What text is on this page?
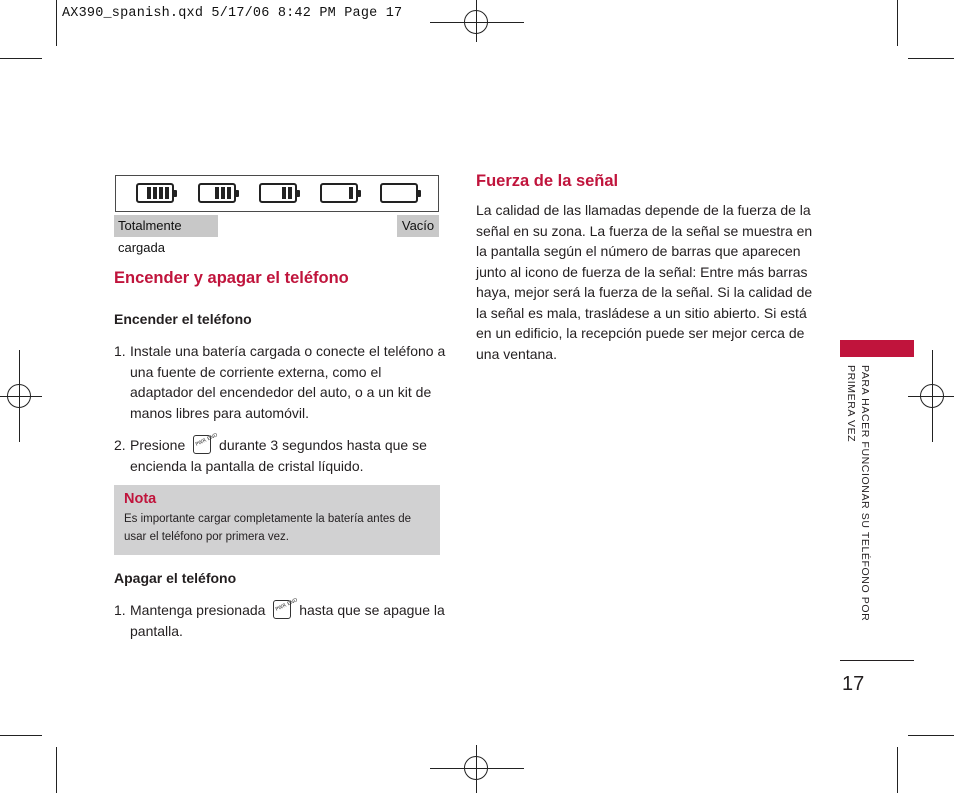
AX390_spanish.qxd 5/17/06 8:42 PM Page 17
Totalmente cargada
Vacío
Encender y apagar el teléfono
Encender el teléfono
1. Instale una batería cargada o conecte el teléfono a
una fuente de corriente externa, como el
adaptador del encendedor del auto, o a un kit de
manos libres para automóvil.
2. Presione PWR END durante 3 segundos hasta que se
encienda la pantalla de cristal líquido.
Nota
Es importante cargar completamente la batería antes de
usar el teléfono por primera vez.
Apagar el teléfono
1. Mantenga presionada PWR END hasta que se apague la
pantalla.
Fuerza de la señal
La calidad de las llamadas depende de la fuerza de la
señal en su zona. La fuerza de la señal se muestra en
la pantalla según el número de barras que aparecen
junto al icono de fuerza de la señal: Entre más barras
haya, mejor será la fuerza de la señal. Si la calidad de
la señal es mala, trasládese a un sitio abierto. Si está
en un edificio, la recepción puede ser mejor cerca de
una ventana.
PARA HACER FUNCIONAR SU TELÉFONO POR
PRIMERA VEZ
17
